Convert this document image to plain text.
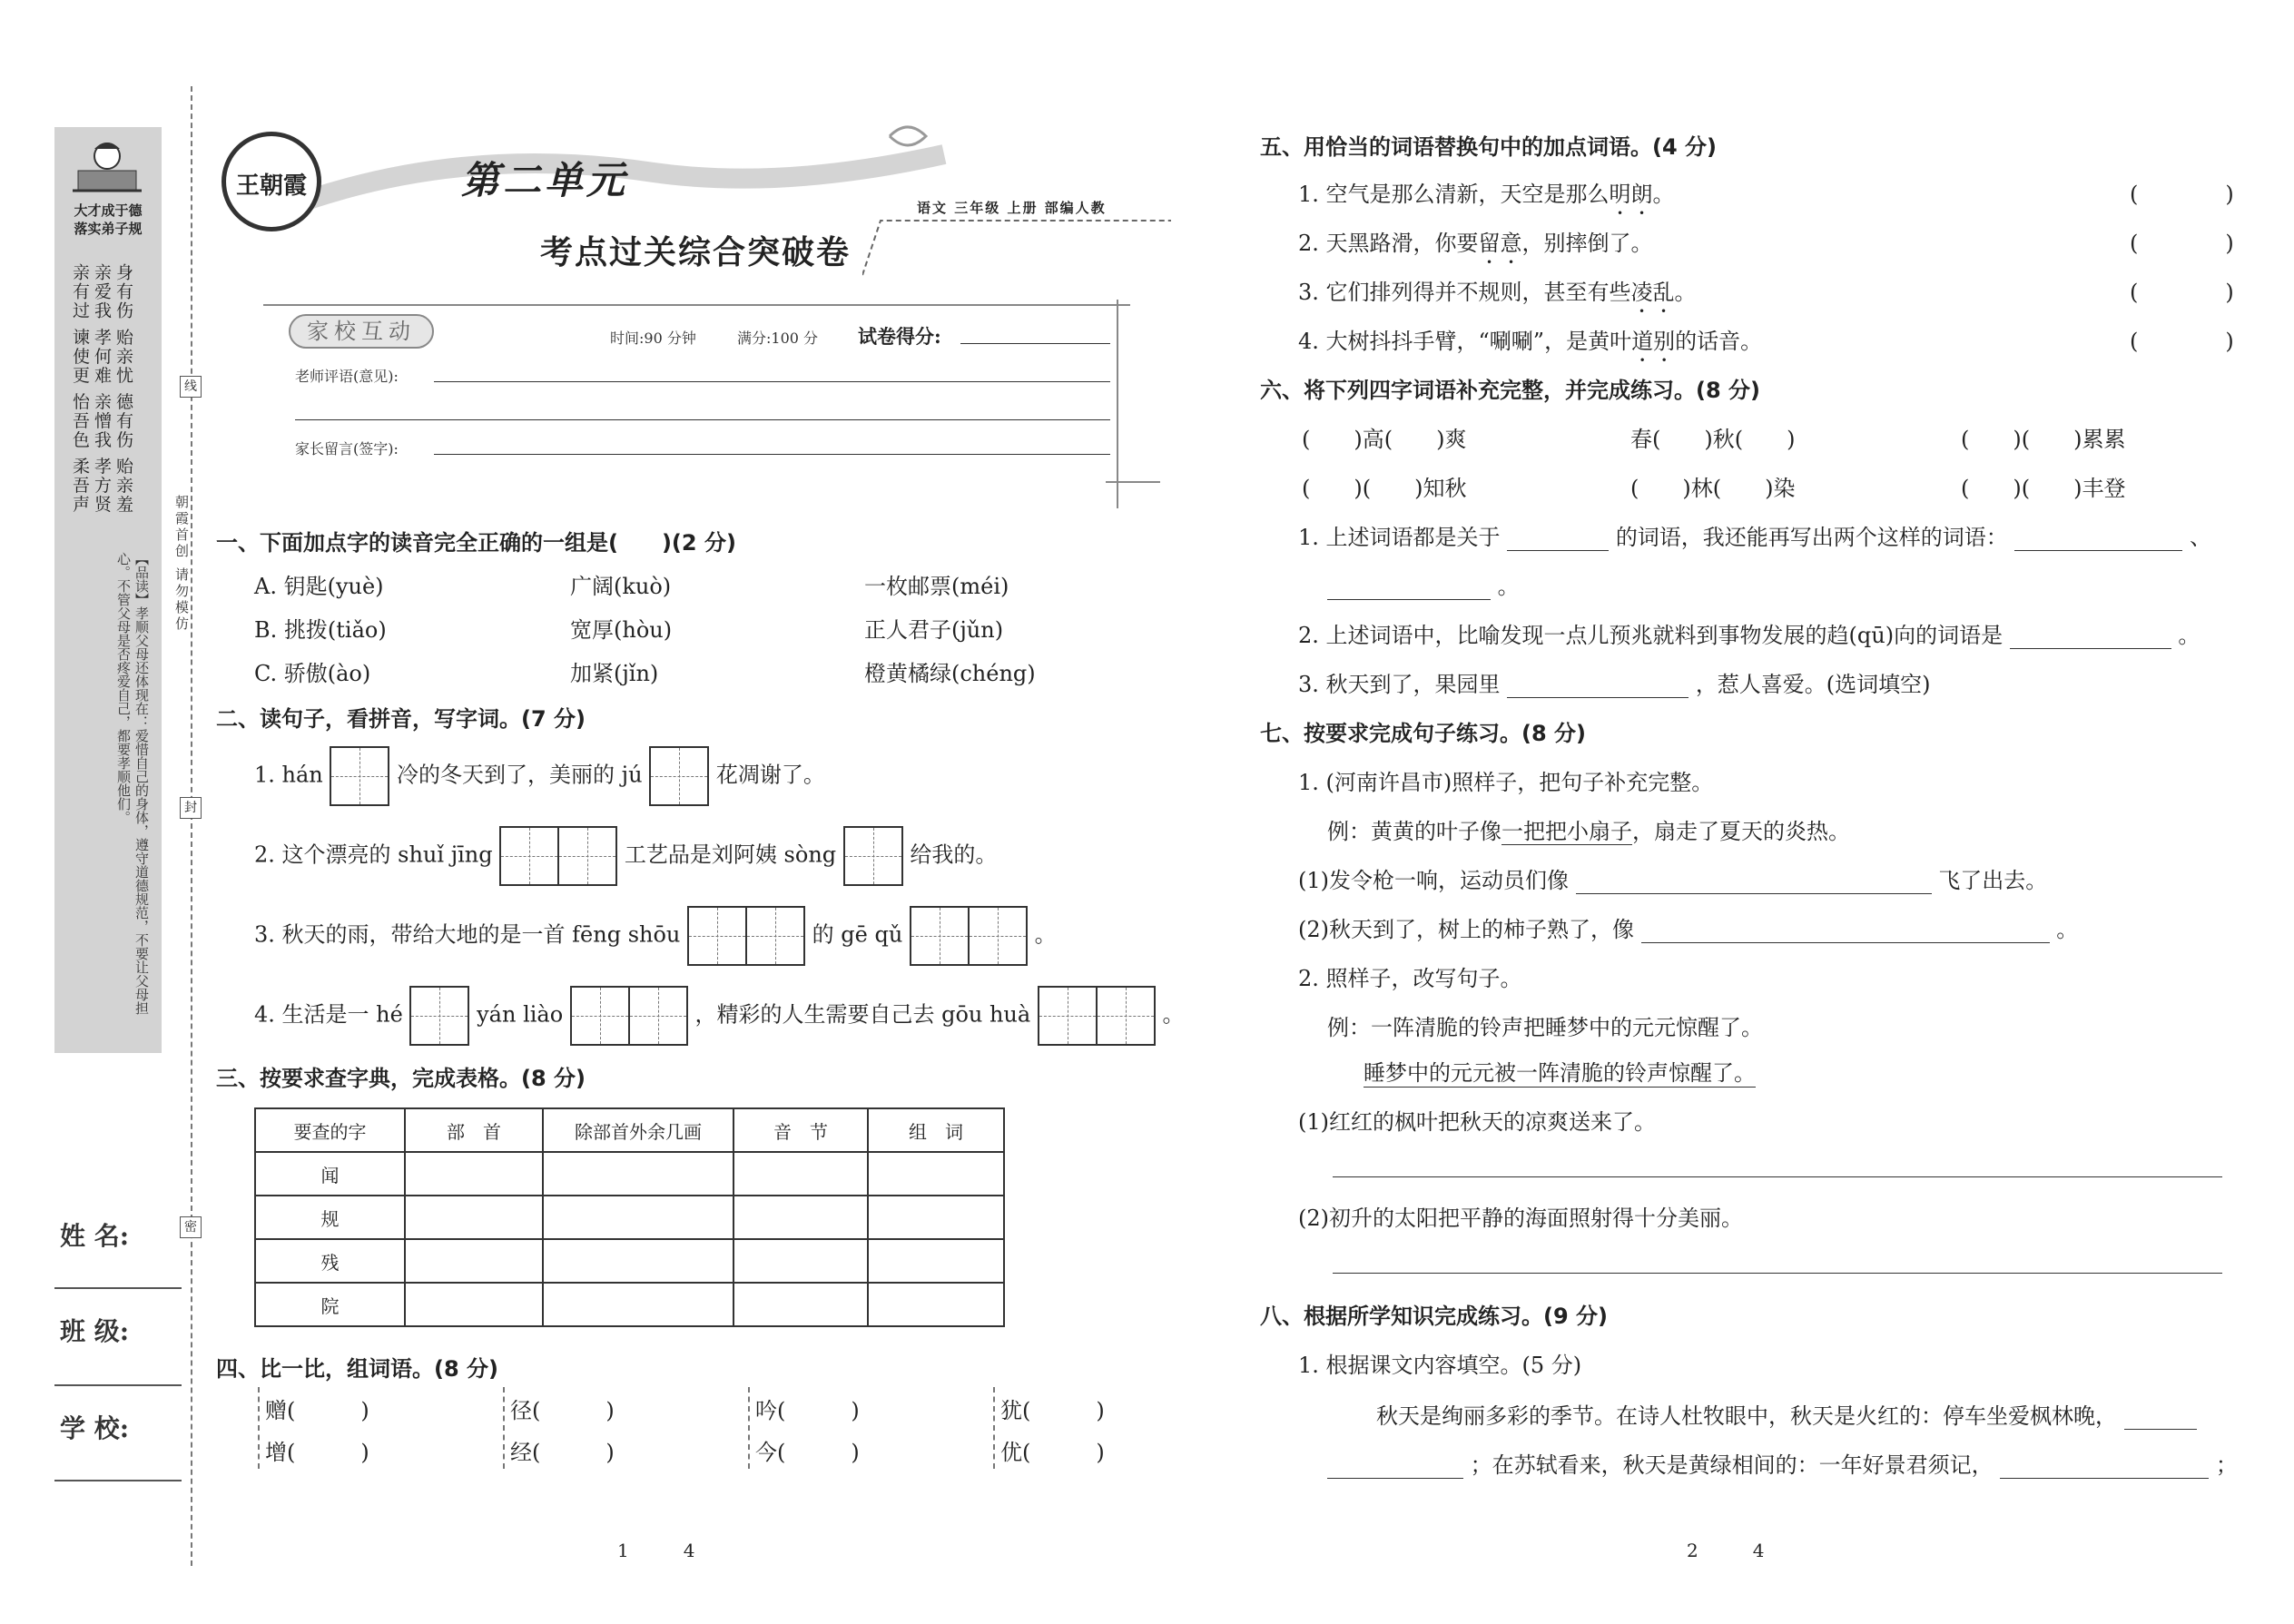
大才成于德
落实弟子规
身有伤 贻亲忧 德有伤 贻亲羞
亲爱我 孝何难 亲憎我 孝方贤
亲有过 谏使更 怡吾色 柔吾声
【品读】孝顺父母还体现在：爱惜自己的身体，遵守道德规范，不要让父母担心。不管父母是否疼爱自己，都要孝顺他们。
线
封
密
朝霞首创 请勿模仿
姓 名:
班 级:
学 校:
王朝霞	第二单元
考点过关综合突破卷
语文 三年级 上册 部编人教
家校互动	时间:90 分钟	满分:100 分 试卷得分:
老师评语(意见):
家长留言(签字):
一、下面加点字的读音完全正确的一组是(　　)(2 分)
A. 钥匙(yuè)	广阔(kuò)	一枚邮票(méi)
B. 挑拨(tiǎo)	宽厚(hòu)	正人君子(jǔn)
C. 骄傲(ào)	加紧(jǐn)	橙黄橘绿(chéng)
二、读句子，看拼音，写字词。(7 分)
1. hán	冷的冬天到了，美丽的 jú	花凋谢了。
2. 这个漂亮的 shuǐ jīng	工艺品是刘阿姨 sòng	给我的。
3. 秋天的雨，带给大地的是一首 fēng shōu	的 gē qǔ	。
4. 生活是一 hé	yán liào	，精彩的人生需要自己去 gōu huà	。
三、按要求查字典，完成表格。(8 分)
要查的字	部　首	除部首外余几画	音　节	组　词
闻				
规				
残				
院				
四、比一比，组词语。(8 分)
赠(　　　)	径(　　　)	吟(　　　)	犹(　　　)
增(　　　)	经(　　　)	今(　　　)	优(　　　)
1　　　4
五、用恰当的词语替换句中的加点词语。(4 分)
1. 空气是那么清新，天空是那么明朗。	(　　　　)
2. 天黑路滑，你要留意，别摔倒了。	(　　　　)
3. 它们排列得并不规则，甚至有些凌乱。	(　　　　)
4. 大树抖抖手臂，“唰唰”，是黄叶道别的话音。	(　　　　)
六、将下列四字词语补充完整，并完成练习。(8 分)
(　　)高(　　)爽	春(　　)秋(　　)	(　　)(　　)累累
(　　)(　　)知秋	(　　)林(　　)染	(　　)(　　)丰登
1. 上述词语都是关于	的词语，我还能再写出两个这样的词语：	、
。
2. 上述词语中，比喻发现一点儿预兆就料到事物发展的趋(qū)向的词语是	。
3. 秋天到了，果园里	，惹人喜爱。(选词填空)
七、按要求完成句子练习。(8 分)
1. (河南许昌市)照样子，把句子补充完整。
例：黄黄的叶子像一把把小扇子，扇走了夏天的炎热。
(1)发令枪一响，运动员们像	飞了出去。
(2)秋天到了，树上的柿子熟了，像	。
2. 照样子，改写句子。
例：一阵清脆的铃声把睡梦中的元元惊醒了。
睡梦中的元元被一阵清脆的铃声惊醒了。
(1)红红的枫叶把秋天的凉爽送来了。
(2)初升的太阳把平静的海面照射得十分美丽。
八、根据所学知识完成练习。(9 分)
1. 根据课文内容填空。(5 分)
秋天是绚丽多彩的季节。在诗人杜牧眼中，秋天是火红的：停车坐爱枫林晚，
；在苏轼看来，秋天是黄绿相间的：一年好景君须记，	；
2　　　4
